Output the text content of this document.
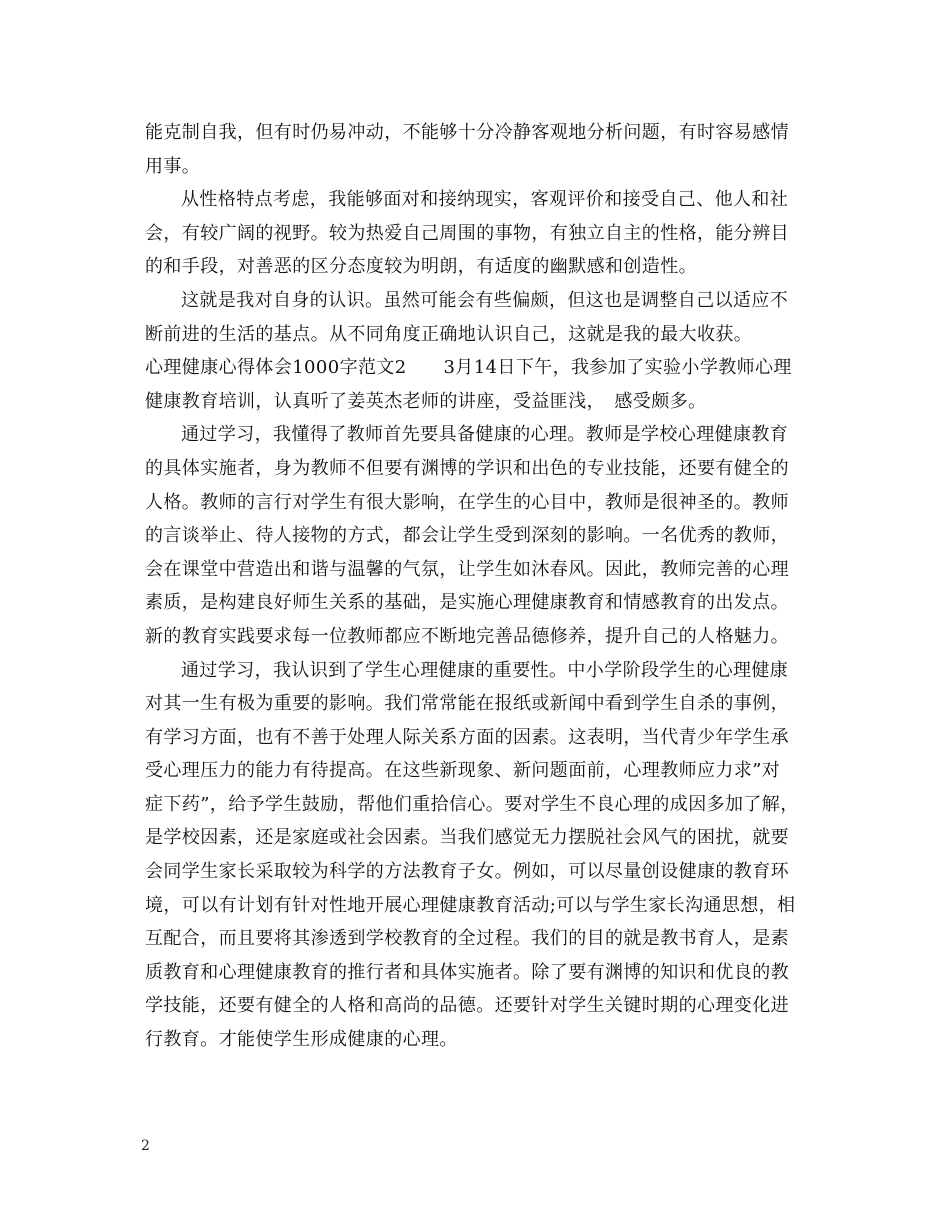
能克制自我，但有时仍易冲动，不能够十分冷静客观地分析问题，有时容易感情
用事。
从性格特点考虑，我能够面对和接纳现实，客观评价和接受自己、他人和社
会，有较广阔的视野。较为热爱自己周围的事物，有独立自主的性格，能分辨目
的和手段，对善恶的区分态度较为明朗，有适度的幽默感和创造性。
这就是我对自身的认识。虽然可能会有些偏颇，但这也是调整自己以适应不
断前进的生活的基点。从不同角度正确地认识自己，这就是我的最大收获。
心理健康心得体会1000字范文2　　3月14日下午，我参加了实验小学教师心理
健康教育培训，认真听了姜英杰老师的讲座，受益匪浅，　感受颇多。
通过学习，我懂得了教师首先要具备健康的心理。教师是学校心理健康教育
的具体实施者，身为教师不但要有渊博的学识和出色的专业技能，还要有健全的
人格。教师的言行对学生有很大影响，在学生的心目中，教师是很神圣的。教师
的言谈举止、待人接物的方式，都会让学生受到深刻的影响。一名优秀的教师，
会在课堂中营造出和谐与温馨的气氛，让学生如沐春风。因此，教师完善的心理
素质，是构建良好师生关系的基础，是实施心理健康教育和情感教育的出发点。
新的教育实践要求每一位教师都应不断地完善品德修养，提升自己的人格魅力。
通过学习，我认识到了学生心理健康的重要性。中小学阶段学生的心理健康
对其一生有极为重要的影响。我们常常能在报纸或新闻中看到学生自杀的事例，
有学习方面，也有不善于处理人际关系方面的因素。这表明，当代青少年学生承
受心理压力的能力有待提高。在这些新现象、新问题面前，心理教师应力求”对
症下药”，给予学生鼓励，帮他们重拾信心。要对学生不良心理的成因多加了解，
是学校因素，还是家庭或社会因素。当我们感觉无力摆脱社会风气的困扰，就要
会同学生家长采取较为科学的方法教育子女。例如，可以尽量创设健康的教育环
境，可以有计划有针对性地开展心理健康教育活动;可以与学生家长沟通思想，相
互配合，而且要将其渗透到学校教育的全过程。我们的目的就是教书育人，是素
质教育和心理健康教育的推行者和具体实施者。除了要有渊博的知识和优良的教
学技能，还要有健全的人格和高尚的品德。还要针对学生关键时期的心理变化进
行教育。才能使学生形成健康的心理。
2
